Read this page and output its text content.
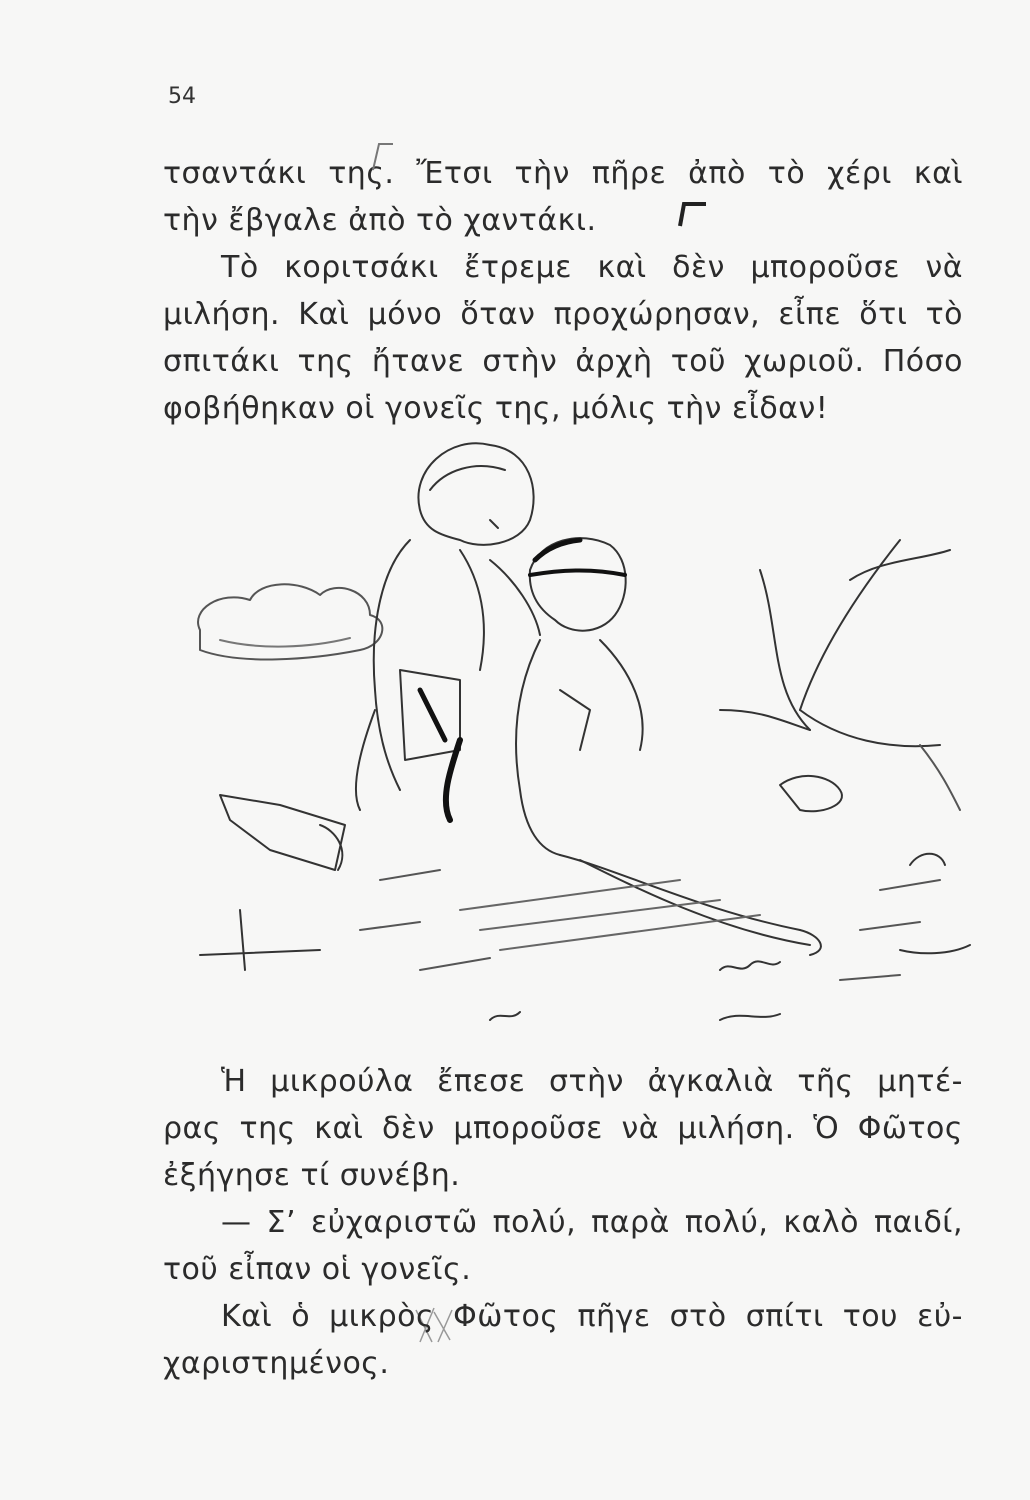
54
τσαντάκι της. Ἔτσι τὴν πῆρε ἀπὸ τὸ χέρι καὶ
τὴν ἔβγαλε ἀπὸ τὸ χαντάκι.
Τὸ κοριτσάκι ἔτρεμε καὶ δὲν μποροῦσε νὰ
μιλήση. Καὶ μόνο ὅταν προχώρησαν, εἶπε ὅτι τὸ
σπιτάκι της ἤτανε στὴν ἀρχὴ τοῦ χωριοῦ. Πόσο
φοβήθηκαν οἱ γονεῖς της, μόλις τὴν εἶδαν!
Ἡ μικρούλα ἔπεσε στὴν ἀγκαλιὰ τῆς μητέ-
ρας της καὶ δὲν μποροῦσε νὰ μιλήση. Ὁ Φῶτος
ἐξήγησε τί συνέβη.
— Σ’ εὐχαριστῶ πολύ, παρὰ πολύ, καλὸ παιδί,
τοῦ εἶπαν οἱ γονεῖς.
Καὶ ὁ μικρὸς Φῶτος πῆγε στὸ σπίτι του εὐ-
χαριστημένος.
